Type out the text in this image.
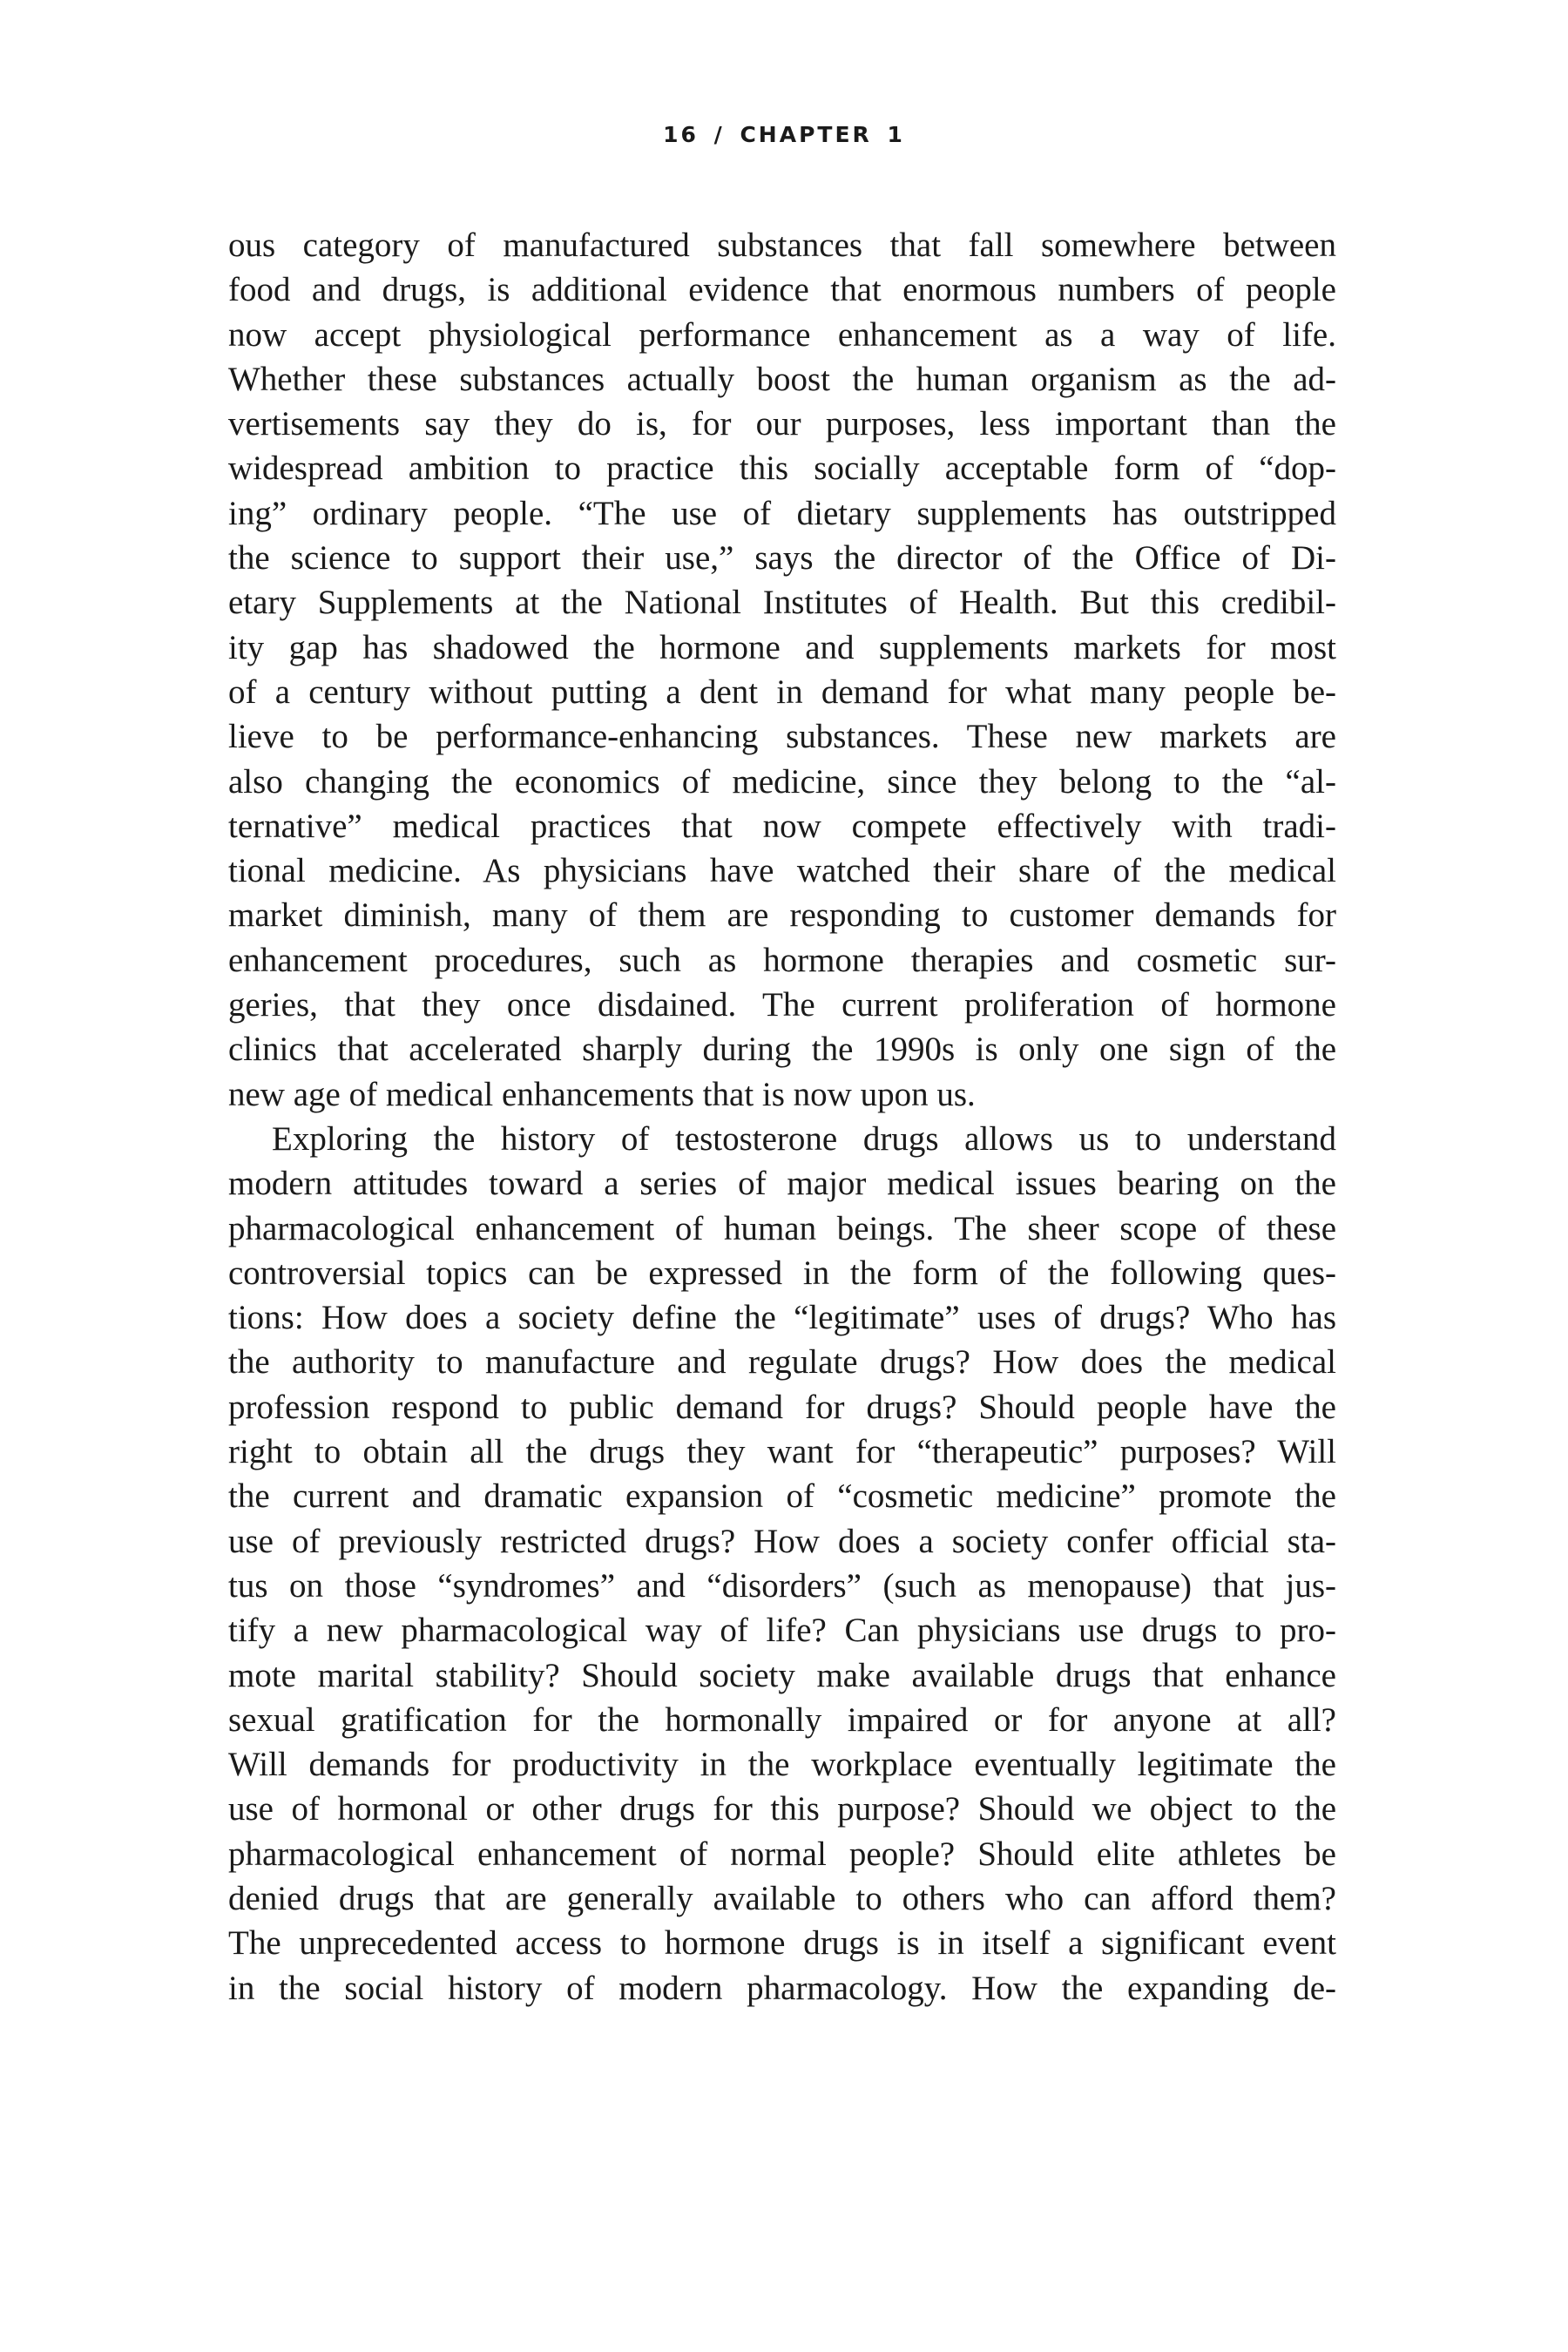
16 / CHAPTER 1
ous category of manufactured substances that fall somewhere between
food and drugs, is additional evidence that enormous numbers of people
now accept physiological performance enhancement as a way of life.
Whether these substances actually boost the human organism as the ad-
vertisements say they do is, for our purposes, less important than the
widespread ambition to practice this socially acceptable form of “dop-
ing” ordinary people. “The use of dietary supplements has outstripped
the science to support their use,” says the director of the Office of Di-
etary Supplements at the National Institutes of Health. But this credibil-
ity gap has shadowed the hormone and supplements markets for most
of a century without putting a dent in demand for what many people be-
lieve to be performance-enhancing substances. These new markets are
also changing the economics of medicine, since they belong to the “al-
ternative” medical practices that now compete effectively with tradi-
tional medicine. As physicians have watched their share of the medical
market diminish, many of them are responding to customer demands for
enhancement procedures, such as hormone therapies and cosmetic sur-
geries, that they once disdained. The current proliferation of hormone
clinics that accelerated sharply during the 1990s is only one sign of the
new age of medical enhancements that is now upon us.
Exploring the history of testosterone drugs allows us to understand
modern attitudes toward a series of major medical issues bearing on the
pharmacological enhancement of human beings. The sheer scope of these
controversial topics can be expressed in the form of the following ques-
tions: How does a society define the “legitimate” uses of drugs? Who has
the authority to manufacture and regulate drugs? How does the medical
profession respond to public demand for drugs? Should people have the
right to obtain all the drugs they want for “therapeutic” purposes? Will
the current and dramatic expansion of “cosmetic medicine” promote the
use of previously restricted drugs? How does a society confer official sta-
tus on those “syndromes” and “disorders” (such as menopause) that jus-
tify a new pharmacological way of life? Can physicians use drugs to pro-
mote marital stability? Should society make available drugs that enhance
sexual gratification for the hormonally impaired or for anyone at all?
Will demands for productivity in the workplace eventually legitimate the
use of hormonal or other drugs for this purpose? Should we object to the
pharmacological enhancement of normal people? Should elite athletes be
denied drugs that are generally available to others who can afford them?
The unprecedented access to hormone drugs is in itself a significant event
in the social history of modern pharmacology. How the expanding de-
